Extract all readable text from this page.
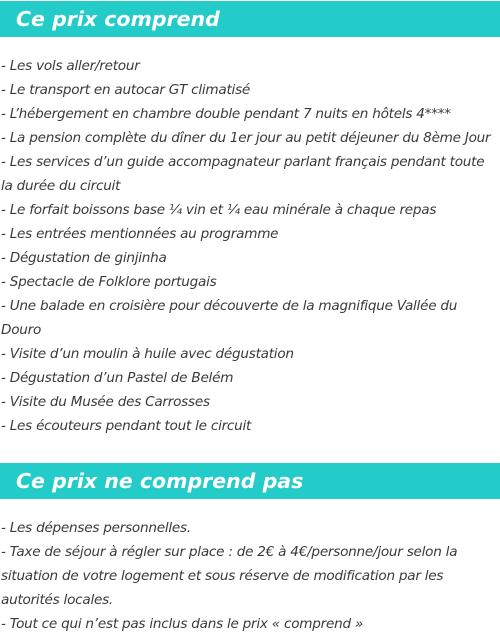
Ce prix comprend
- Les vols aller/retour
- Le transport en autocar GT climatisé
- L’hébergement en chambre double pendant 7 nuits en hôtels 4****
- La pension complète du dîner du 1er jour au petit déjeuner du 8ème Jour
- Les services d’un guide accompagnateur parlant français pendant toute la durée du circuit
- Le forfait boissons base ¼ vin et ¼ eau minérale à chaque repas
- Les entrées mentionnées au programme
- Dégustation de ginjinha
- Spectacle de Folklore portugais
- Une balade en croisière pour découverte de la magnifique Vallée du Douro
- Visite d’un moulin à huile avec dégustation
- Dégustation d’un Pastel de Belém
- Visite du Musée des Carrosses
- Les écouteurs pendant tout le circuit
Ce prix ne comprend pas
- Les dépenses personnelles.
- Taxe de séjour à régler sur place : de 2€ à 4€/personne/jour selon la situation de votre logement et sous réserve de modification par les autorités locales.
- Tout ce qui n’est pas inclus dans le prix « comprend »
